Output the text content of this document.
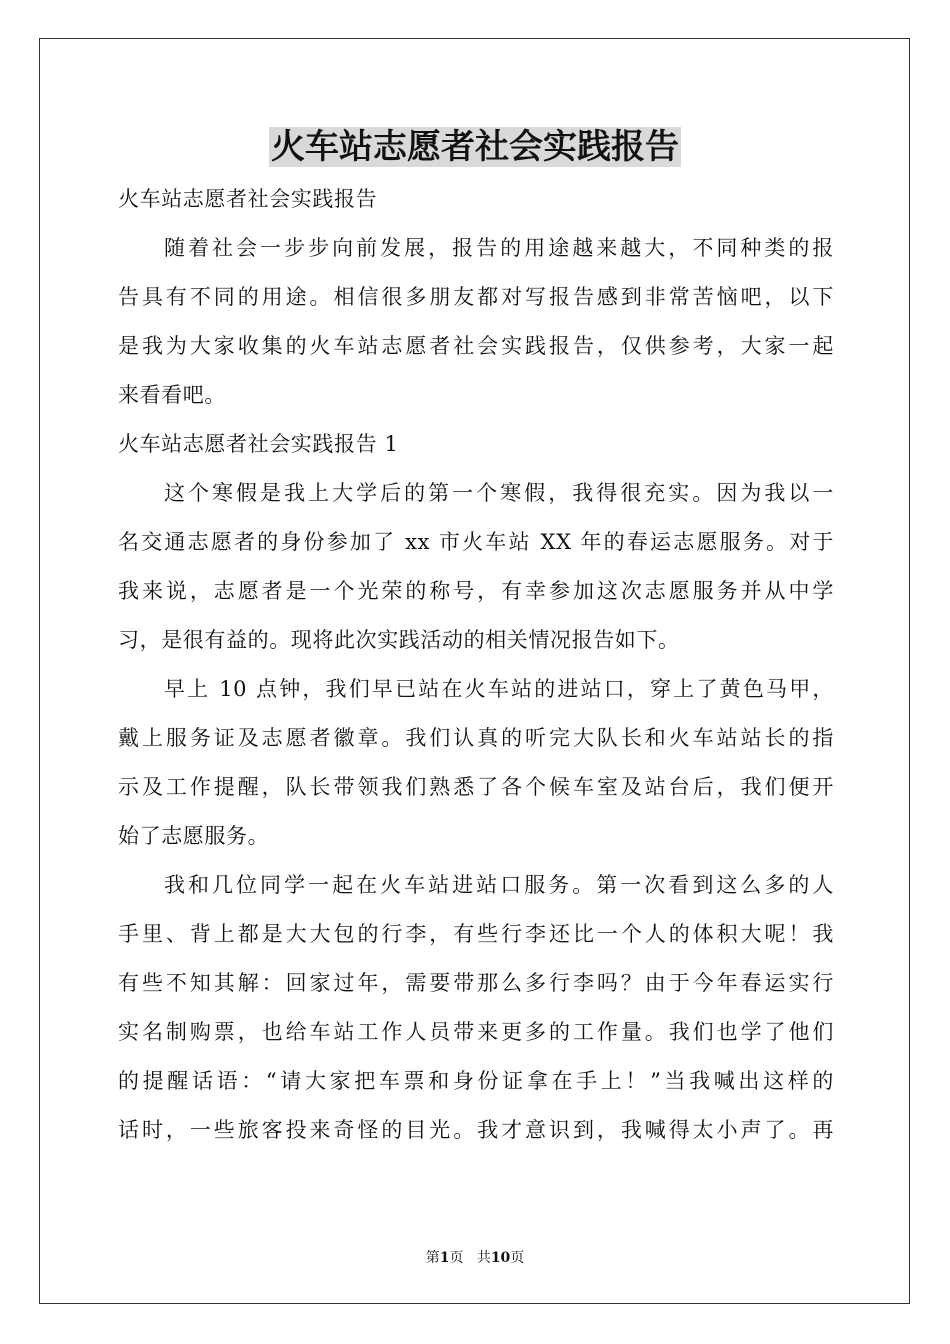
火车站志愿者社会实践报告
火车站志愿者社会实践报告
随着社会一步步向前发展，报告的用途越来越大，不同种类的报
告具有不同的用途。相信很多朋友都对写报告感到非常苦恼吧，以下
是我为大家收集的火车站志愿者社会实践报告，仅供参考，大家一起
来看看吧。
火车站志愿者社会实践报告 1
这个寒假是我上大学后的第一个寒假，我得很充实。因为我以一
名交通志愿者的身份参加了 xx 市火车站 XX 年的春运志愿服务。对于
我来说，志愿者是一个光荣的称号，有幸参加这次志愿服务并从中学
习，是很有益的。现将此次实践活动的相关情况报告如下。
早上 10 点钟，我们早已站在火车站的进站口，穿上了黄色马甲，
戴上服务证及志愿者徽章。我们认真的听完大队长和火车站站长的指
示及工作提醒，队长带领我们熟悉了各个候车室及站台后，我们便开
始了志愿服务。
我和几位同学一起在火车站进站口服务。第一次看到这么多的人
手里、背上都是大大包的行李，有些行李还比一个人的体积大呢！我
有些不知其解：回家过年，需要带那么多行李吗？由于今年春运实行
实名制购票，也给车站工作人员带来更多的工作量。我们也学了他们
的提醒话语：“请大家把车票和身份证拿在手上！”当我喊出这样的
话时，一些旅客投来奇怪的目光。我才意识到，我喊得太小声了。再
第1页 共10页
